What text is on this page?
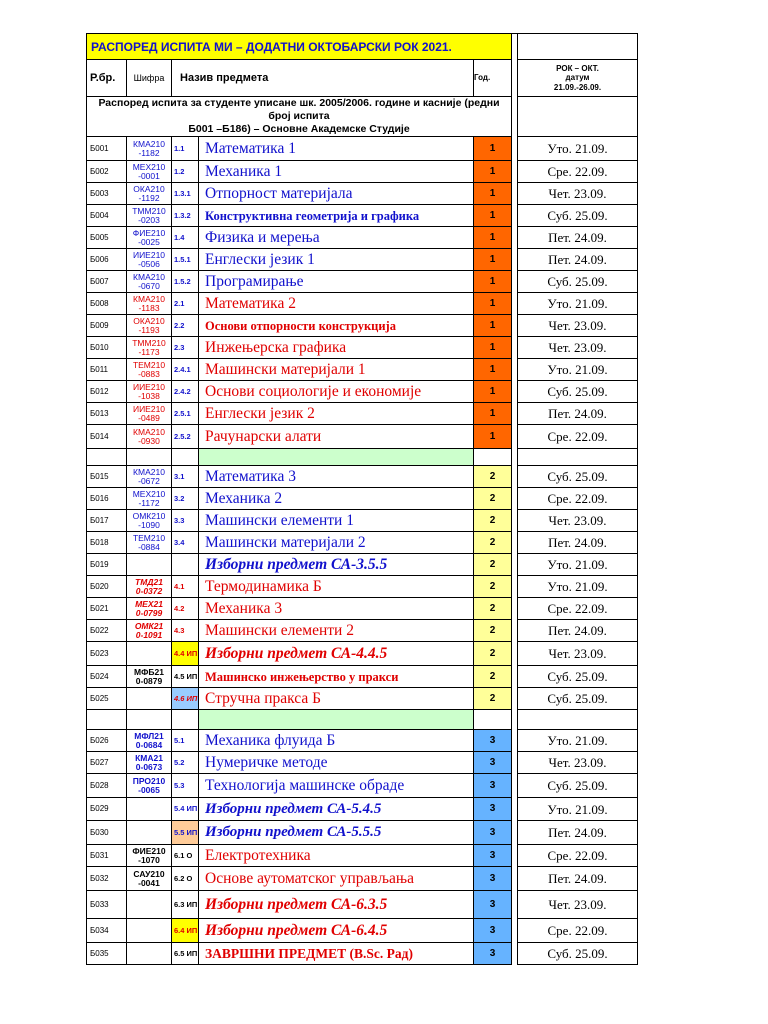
РАСПОРЕД ИСПИТА МИ – ДОДАТНИ ОКТОБАРСКИ РОК 2021.						
Р.бр.	Шифра	Назив предмета		Год.		РОК – ОКТ.
датум
21.09.-26.09.

Распоред испита за студенте уписане шк. 2005/2006. године и касније (редни број испита
Б001 –Б186) – Основне Академске Студије						

Б001	КМА210
-1182	1.1	Математика 1	1		Уто. 21.09.
Б002	МЕХ210
-0001	1.2	Механика 1	1		Сре. 22.09.
Б003	ОКА210
-1192	1.3.1	Отпорност материјала	1		Чет. 23.09.
Б004	ТММ210
-0203	1.3.2	Конструктивна геометрија и графика	1		Суб. 25.09.
Б005	ФИЕ210
-0025	1.4	Физика и мерења	1		Пет. 24.09.
Б006	ИИЕ210
-0506	1.5.1	Енглески језик 1	1		Пет. 24.09.
Б007	КМА210
-0670	1.5.2	Програмирање	1		Суб. 25.09.
Б008	КМА210
-1183	2.1	Математика 2	1		Уто. 21.09.
Б009	ОКА210
-1193	2.2	Основи отпорности конструкција	1		Чет. 23.09.
Б010	ТММ210
-1173	2.3	Инжењерска графика	1		Чет. 23.09.
Б011	ТЕМ210
-0883	2.4.1	Машински материјали 1	1		Уто. 21.09.
Б012	ИИЕ210
-1038	2.4.2	Основи социологије и економије	1		Суб. 25.09.
Б013	ИИЕ210
-0489	2.5.1	Енглески језик 2	1		Пет. 24.09.
Б014	КМА210
-0930	2.5.2	Рачунарски алати	1		Сре. 22.09.

Б015	КМА210
-0672	3.1	Математика 3	2		Суб. 25.09.
Б016	МЕХ210
-1172	3.2	Механика 2	2		Сре. 22.09.
Б017	ОМК210
-1090	3.3	Машински елементи 1	2		Чет. 23.09.
Б018	ТЕМ210
-0884	3.4	Машински материјали 2	2		Пет. 24.09.
Б019			Изборни предмет СА-3.5.5	2		Уто. 21.09.
Б020	ТМД21
0-0372	4.1	Термодинамика Б	2		Уто. 21.09.
Б021	МЕХ21
0-0799	4.2	Механика 3	2		Сре. 22.09.
Б022	ОМК21
0-1091	4.3	Машински елементи 2	2		Пет. 24.09.
Б023		4.4 ИП	Изборни предмет СА-4.4.5	2		Чет. 23.09.
Б024	МФБ21
0-0879	4.5 ИП	Машинско инжењерство у пракси	2		Суб. 25.09.
Б025		4.6 ИП	Стручна пракса Б	2		Суб. 25.09.

Б026	МФЛ21
0-0684	5.1	Механика флуида Б	3		Уто. 21.09.
Б027	КМА21
0-0673	5.2	Нумеричке методе	3		Чет. 23.09.
Б028	ПРО210
-0065	5.3	Технологија машинске обраде	3		Суб. 25.09.
Б029		5.4 ИП	Изборни предмет СА-5.4.5	3		Уто. 21.09.
Б030		5.5 ИП	Изборни предмет СА-5.5.5	3		Пет. 24.09.
Б031	ФИЕ210
-1070	6.1 О	Електротехника	3		Сре. 22.09.
Б032	САУ210
-0041	6.2 О	Основе аутоматског управљања	3		Пет. 24.09.
Б033		6.3 ИП	Изборни предмет СА-6.3.5	3		Чет. 23.09.
Б034		6.4 ИП	Изборни предмет СА-6.4.5	3		Сре. 22.09.
Б035		6.5 ИП	ЗАВРШНИ ПРЕДМЕТ (B.Sc. Рад)	3		Суб. 25.09.
